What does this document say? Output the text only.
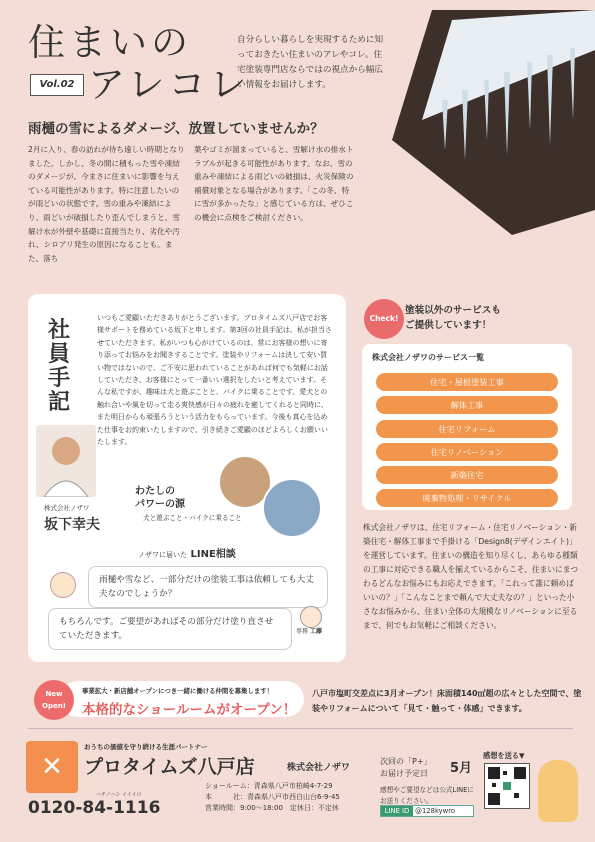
住まいの
アレコレ
Vol.02
自分らしい暮らしを実現するために知っておきたい住まいのアレやコレ。住宅塗装専門店ならではの視点から幅広い情報をお届けします。
雨樋の雪によるダメージ、放置していませんか？
2月に入り、春の訪れが待ち遠しい時期となりました。しかし、冬の間に積もった雪や凍結のダメージが、今まさに住まいに影響を与えている可能性があります。特に注意したいのが雨どいの状態です。雪の重みや凍結により、雨どいが破損したり歪んでしまうと、雪解け水が外壁や基礎に直接当たり、劣化や汚れ、シロアリ発生の原因になることも。また、落ち
葉やゴミが溜まっていると、雪解け水の排水トラブルが起きる可能性があります。なお、雪の重みや凍結による雨どいの破損は、火災保険の補償対象となる場合があります。「この冬、特に雪が多かったな」と感じている方は、ぜひこの機会に点検をご検討ください。
社員手記
いつもご愛顧いただきありがとうございます。プロタイムズ八戸店でお客様サポートを務めている坂下と申します。第3回の社員手記は、私が担当させていただきます。私がいつも心がけているのは、常にお客様の想いに寄り添ってお悩みをお聞きすることです。塗装やリフォームは決して安い買い物ではないので、ご不安に思われていることがあれば何でも気軽にお話していただき、お客様にとって一番いい選択をしたいと考えています。そんな私ですが、趣味は犬と遊ぶことと、バイクに乗ることです。愛犬との触れ合いや風を切って走る爽快感が日々の疲れを癒してくれると同時に、また明日からも頑張ろうという活力をもらっています。今後も真心を込めた仕事をお約束いたしますので、引き続きご愛顧のほどよろしくお願いいたします。
株式会社ノザワ
坂下幸夫
わたしの
パワーの源
犬と遊ぶこと・バイクに乗ること
ノザワに届いた LINE相談
雨樋や雪など、一部分だけの塗装工事は依頼しても大丈夫なのでしょうか？
もちろんです。ご要望があればその部分だけ塗り直させていただきます。	専務 工藤
Check!
塗装以外のサービスも
ご提供しています！
株式会社ノザワのサービス一覧
住宅・屋根塗装工事
解体工事
住宅リフォーム
住宅リノベーション
新築住宅
廃棄物処理・リサイクル
株式会社ノザワは、住宅リフォーム・住宅リノベーション・新築住宅・解体工事まで手掛ける「Design8(デザインエイト)」を運営しています。住まいの構造を知り尽くし、あらゆる種類の工事に対応できる職人を揃えているからこそ、住まいにまつわるどんなお悩みにもお応えできます。「これって誰に頼めばいいの？」「こんなことまで頼んで大丈夫なの？」といった小さなお悩みから、住まい全体の大規模なリノベーションに至るまで、何でもお気軽にご相談ください。
New
Open!
事業拡大・新店舗オープンにつき一緒に働ける仲間を募集します！
本格的なショールームがオープン！
八戸市塩町交差点に3月オープン！床面積140㎡超の広々とした空間で、塗装やリフォームについて「見て・触って・体感」できます。
✕
おうちの価値を守り続ける生涯パートナー
プロタイムズ八戸店	株式会社ノザワ
ハチノヘシ イイイロ
0120-84-1116
ショールーム：青森県八戸市柏崎4-7-29
本　　　社：青森県八戸市西白山台6-9-45
営業時間：9:00～18:00　定休日：不定休
次回の「P+」
お届け予定日 5月
感想やご要望などは公式LINEにお送りください。
LINE ID @128kywro
感想を送る▼
